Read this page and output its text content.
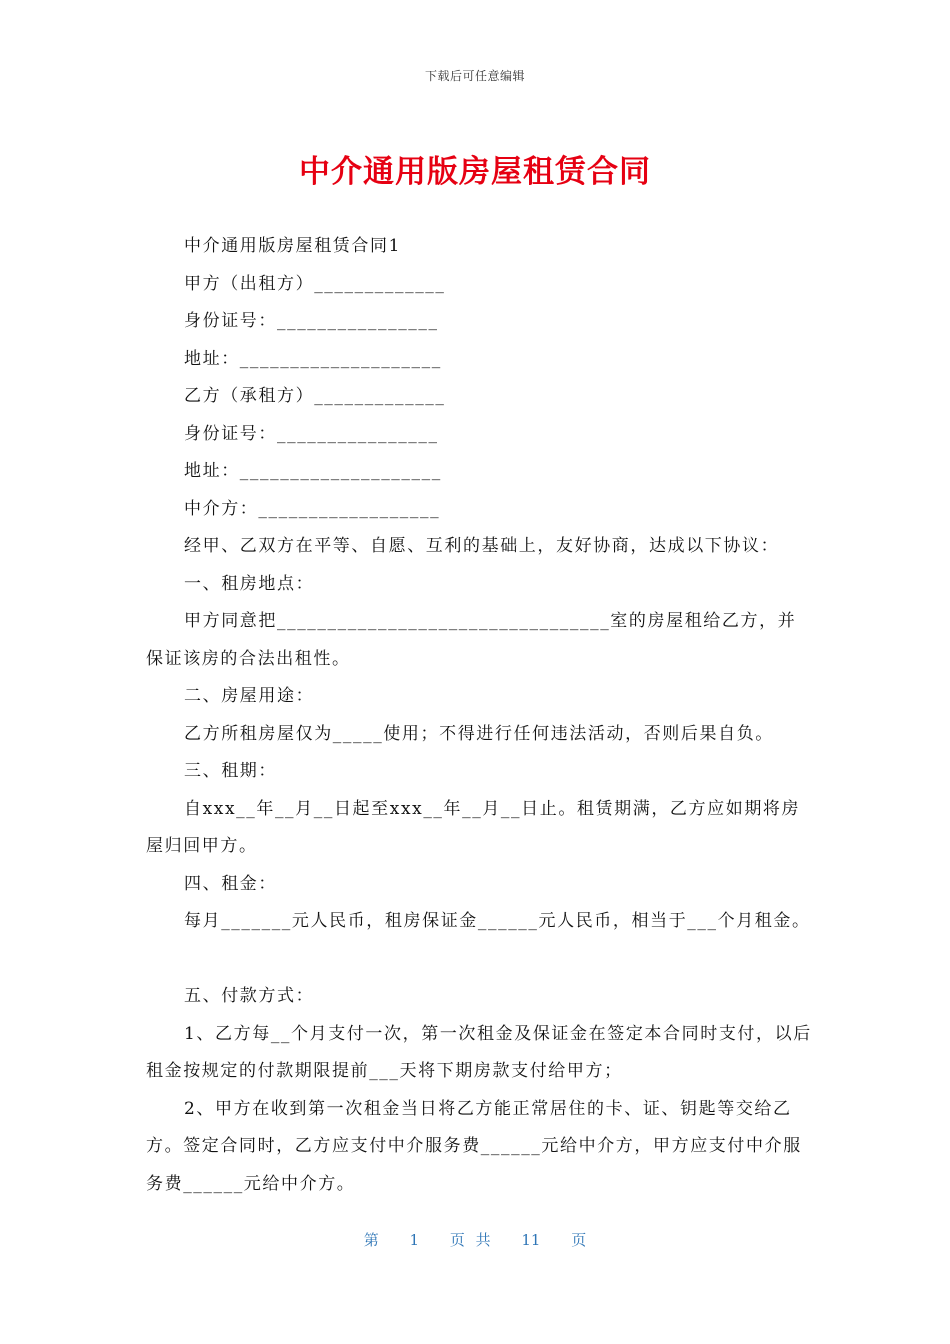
下载后可任意编辑
中介通用版房屋租赁合同

中介通用版房屋租赁合同1

甲方（出租方）_____________

身份证号：________________

地址：____________________

乙方（承租方）_____________

身份证号：________________

地址：____________________

中介方：__________________

经甲、乙双方在平等、自愿、互利的基础上，友好协商，达成以下协议：

一、租房地点：

甲方同意把_________________________________室的房屋租给乙方，并保证该房的合法出租性。

二、房屋用途：

乙方所租房屋仅为_____使用；不得进行任何违法活动，否则后果自负。

三、租期：

自xxx__年__月__日起至xxx__年__月__日止。租赁期满，乙方应如期将房屋归回甲方。

四、租金：

每月_______元人民币，租房保证金______元人民币，相当于___个月租金。

五、付款方式：

1、乙方每__个月支付一次，第一次租金及保证金在签定本合同时支付，以后租金按规定的付款期限提前___天将下期房款支付给甲方；

2、甲方在收到第一次租金当日将乙方能正常居住的卡、证、钥匙等交给乙方。签定合同时，乙方应支付中介服务费______元给中介方，甲方应支付中介服务费______元给中介方。

第 1 页 共 11 页
